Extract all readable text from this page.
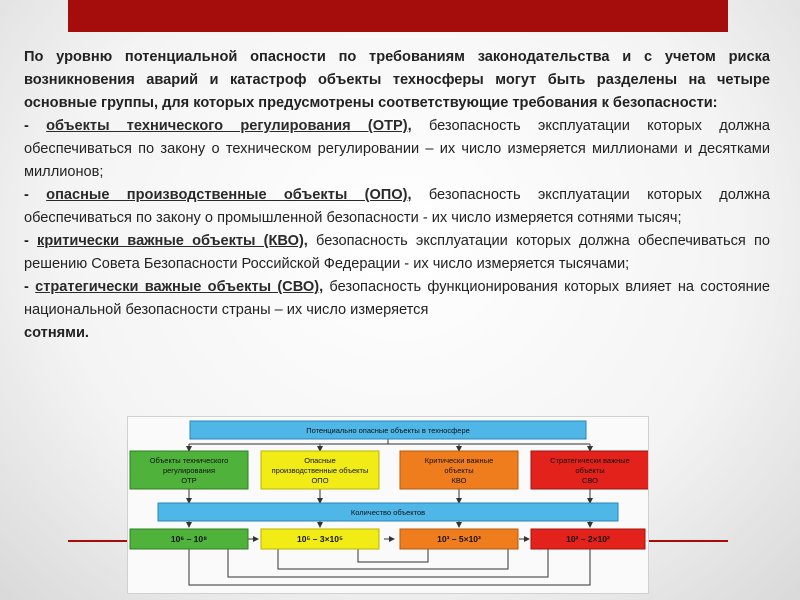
По уровню потенциальной опасности по требованиям законодательства и с учетом риска возникновения аварий и катастроф объекты техносферы могут быть разделены на четыре основные группы, для которых предусмотрены соответствующие требования к безопасности:

- объекты технического регулирования (ОТР), безопасность эксплуатации которых должна обеспечиваться по закону о техническом регулировании – их число измеряется миллионами и десятками миллионов;

- опасные производственные объекты (ОПО), безопасность эксплуатации которых должна обеспечиваться по закону о промышленной безопасности - их число измеряется сотнями тысяч;

- критически важные объекты (КВО), безопасность эксплуатации которых должна обеспечиваться по решению Совета Безопасности Российской Федерации - их число измеряется тысячами;

- стратегически важные объекты (СВО), безопасность функционирования которых влияет на состояние национальной безопасности страны – их число измеряется
сотнями.

Потенциально опасные объекты в техносфере
Объекты технического
регулирования
ОТР
Опасные
производственные объекты
ОПО
Критически важные
объекты
КВО
Стратегически важные
объекты
СВО
Количество объектов
10⁶ – 10⁸	10⁵ – 3×10⁵	10³ – 5×10³	10² – 2×10²
